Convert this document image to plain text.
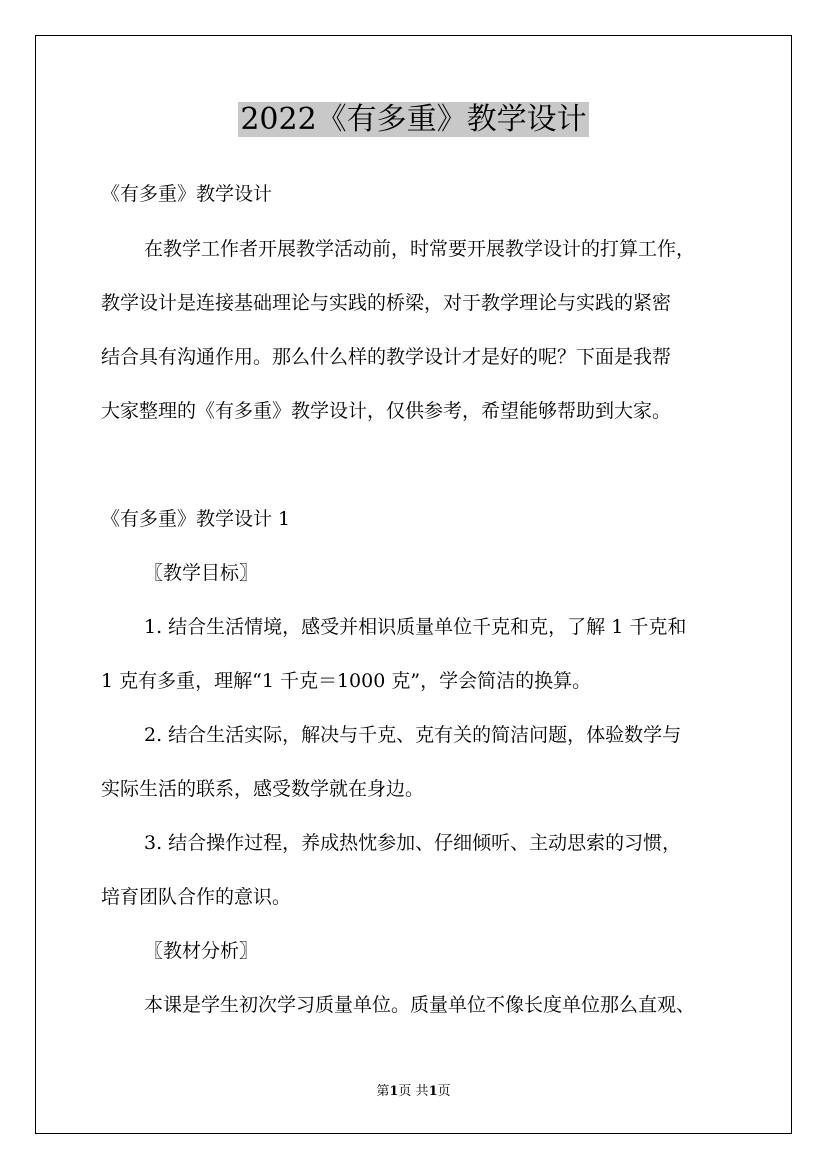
2022《有多重》教学设计
《有多重》教学设计
在教学工作者开展教学活动前，时常要开展教学设计的打算工作，
教学设计是连接基础理论与实践的桥梁，对于教学理论与实践的紧密
结合具有沟通作用。那么什么样的教学设计才是好的呢？下面是我帮
大家整理的《有多重》教学设计，仅供参考，希望能够帮助到大家。
《有多重》教学设计 1
〖教学目标〗
1. 结合生活情境，感受并相识质量单位千克和克，了解 1 千克和
1 克有多重，理解“1 千克＝1000 克”，学会简洁的换算。
2. 结合生活实际，解决与千克、克有关的简洁问题，体验数学与
实际生活的联系，感受数学就在身边。
3. 结合操作过程，养成热忱参加、仔细倾听、主动思索的习惯，
培育团队合作的意识。
〖教材分析〗
本课是学生初次学习质量单位。质量单位不像长度单位那么直观、
第1页 共1页
